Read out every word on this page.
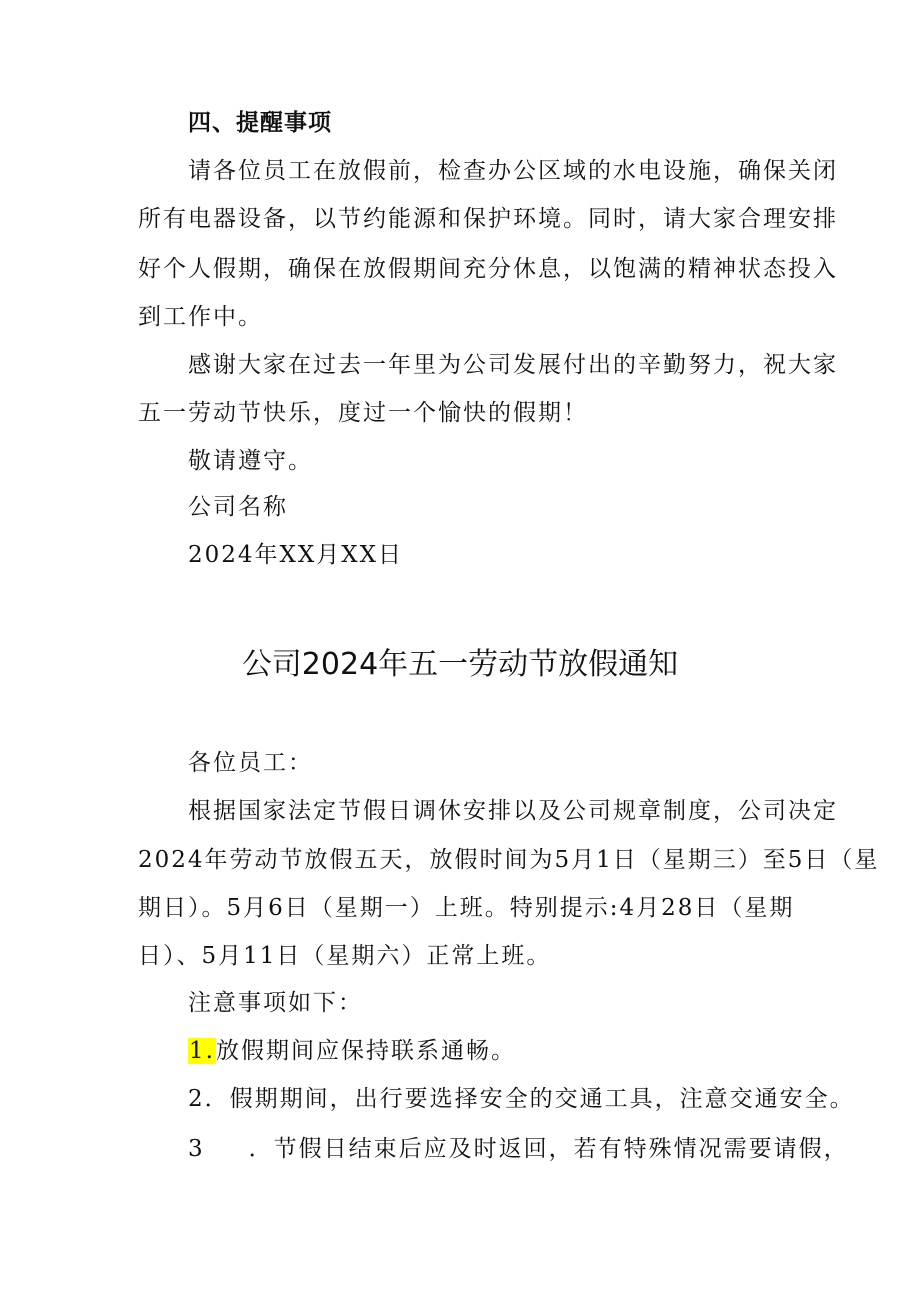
四、提醒事项
请各位员工在放假前，检查办公区域的水电设施，确保关闭
所有电器设备，以节约能源和保护环境。同时，请大家合理安排
好个人假期，确保在放假期间充分休息，以饱满的精神状态投入
到工作中。
感谢大家在过去一年里为公司发展付出的辛勤努力，祝大家
五一劳动节快乐，度过一个愉快的假期！
敬请遵守。
公司名称
2024年XX月XX日
公司2024年五一劳动节放假通知
各位员工：
根据国家法定节假日调休安排以及公司规章制度，公司决定
2024年劳动节放假五天，放假时间为5月1日（星期三）至5日（星
期日）。5月6日（星期一）上班。特别提示:4月28日（星期
日）、5月11日（星期六）正常上班。
注意事项如下：
1.放假期间应保持联系通畅。
2．假期期间，出行要选择安全的交通工具，注意交通安全。
3 ．节假日结束后应及时返回，若有特殊情况需要请假，
